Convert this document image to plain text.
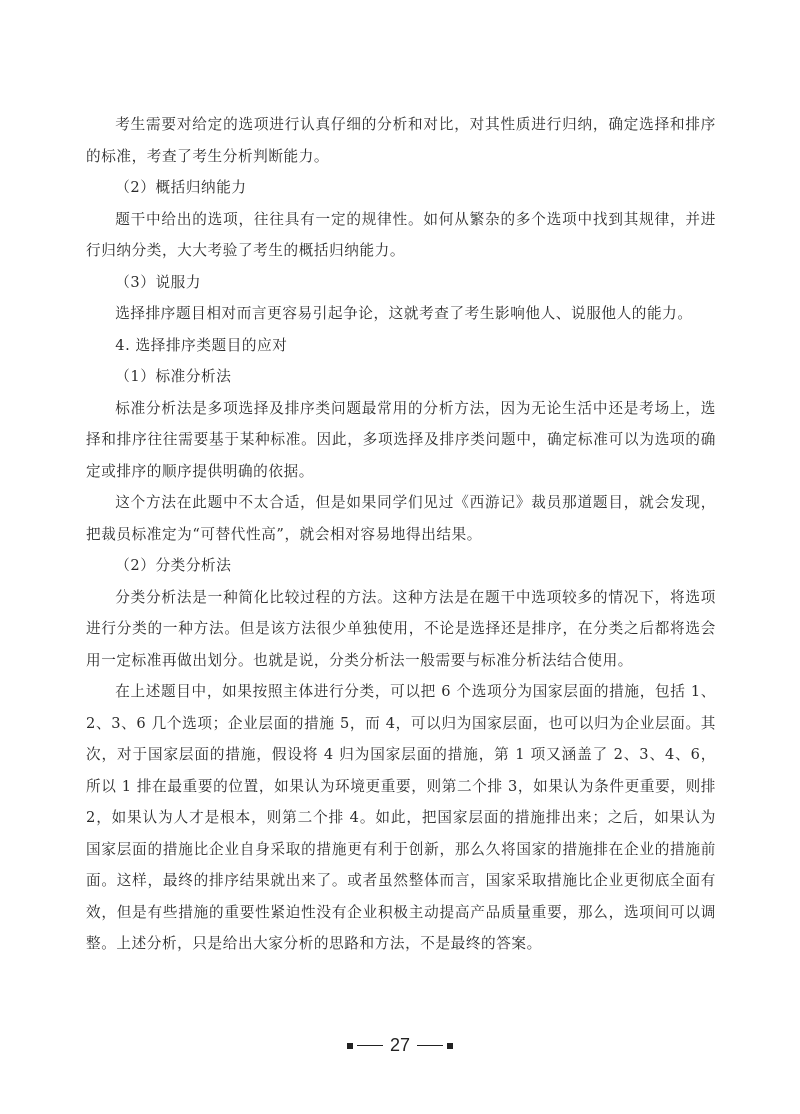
考生需要对给定的选项进行认真仔细的分析和对比，对其性质进行归纳，确定选择和排序的标准，考查了考生分析判断能力。

（2）概括归纳能力

题干中给出的选项，往往具有一定的规律性。如何从繁杂的多个选项中找到其规律，并进行归纳分类，大大考验了考生的概括归纳能力。

（3）说服力

选择排序题目相对而言更容易引起争论，这就考查了考生影响他人、说服他人的能力。

4. 选择排序类题目的应对

（1）标准分析法

标准分析法是多项选择及排序类问题最常用的分析方法，因为无论生活中还是考场上，选择和排序往往需要基于某种标准。因此，多项选择及排序类问题中，确定标准可以为选项的确定或排序的顺序提供明确的依据。

这个方法在此题中不太合适，但是如果同学们见过《西游记》裁员那道题目，就会发现，把裁员标准定为“可替代性高”，就会相对容易地得出结果。

（2）分类分析法

分类分析法是一种简化比较过程的方法。这种方法是在题干中选项较多的情况下，将选项进行分类的一种方法。但是该方法很少单独使用，不论是选择还是排序，在分类之后都将选会用一定标准再做出划分。也就是说，分类分析法一般需要与标准分析法结合使用。

在上述题目中，如果按照主体进行分类，可以把 6 个选项分为国家层面的措施，包括 1、2、3、6 几个选项；企业层面的措施 5，而 4，可以归为国家层面，也可以归为企业层面。其次，对于国家层面的措施，假设将 4 归为国家层面的措施，第 1 项又涵盖了 2、3、4、6，所以 1 排在最重要的位置，如果认为环境更重要，则第二个排 3，如果认为条件更重要，则排 2，如果认为人才是根本，则第二个排 4。如此，把国家层面的措施排出来；之后，如果认为国家层面的措施比企业自身采取的措施更有利于创新，那么久将国家的措施排在企业的措施前面。这样，最终的排序结果就出来了。或者虽然整体而言，国家采取措施比企业更彻底全面有效，但是有些措施的重要性紧迫性没有企业积极主动提高产品质量重要，那么，选项间可以调整。上述分析，只是给出大家分析的思路和方法，不是最终的答案。

27
